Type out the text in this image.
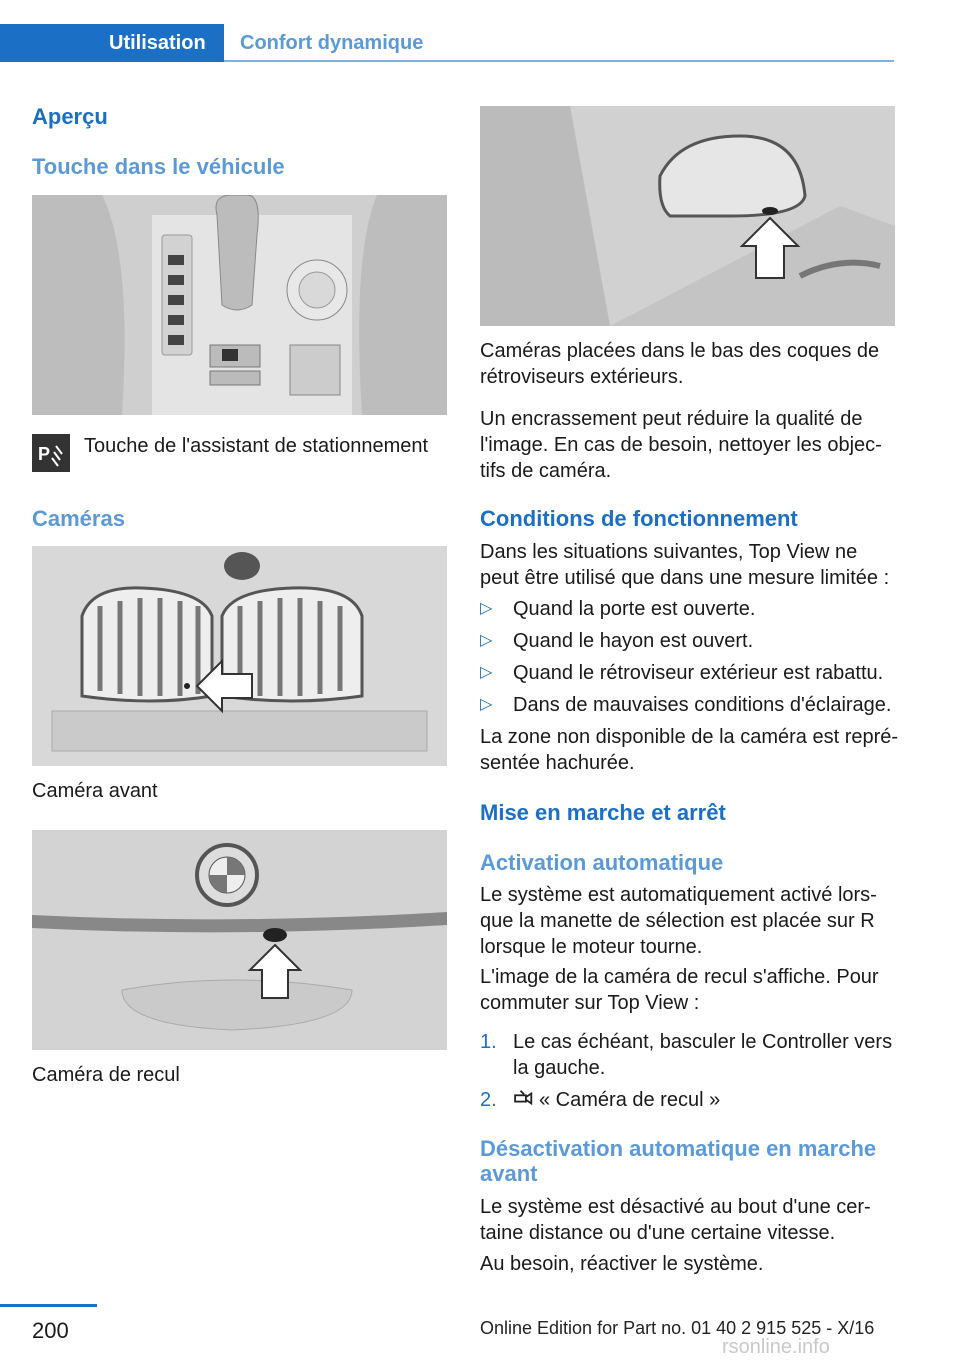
Utilisation Confort dynamique
Aperçu
Touche dans le véhicule
P Touche de l'assistant de stationnement

Caméras

Caméra avant

Caméra de recul

Caméras placées dans le bas des coques de rétroviseurs extérieurs.

Un encrassement peut réduire la qualité de l'image. En cas de besoin, nettoyer les objec-tifs de caméra.

Conditions de fonctionnement

Dans les situations suivantes, Top View ne peut être utilisé que dans une mesure limitée :

▷ Quand la porte est ouverte.
▷ Quand le hayon est ouvert.
▷ Quand le rétroviseur extérieur est rabattu.
▷ Dans de mauvaises conditions d'éclairage.

La zone non disponible de la caméra est repré-sentée hachurée.

Mise en marche et arrêt
Activation automatique

Le système est automatiquement activé lors-que la manette de sélection est placée sur R lorsque le moteur tourne.

L'image de la caméra de recul s'affiche. Pour commuter sur Top View :

1. Le cas échéant, basculer le Controller vers la gauche.
2. « Caméra de recul »
Désactivation automatique en marche avant

Le système est désactivé au bout d'une cer-taine distance ou d'une certaine vitesse.

Au besoin, réactiver le système.

200	Online Edition for Part no. 01 40 2 915 525 - X/16
rsonline.info
